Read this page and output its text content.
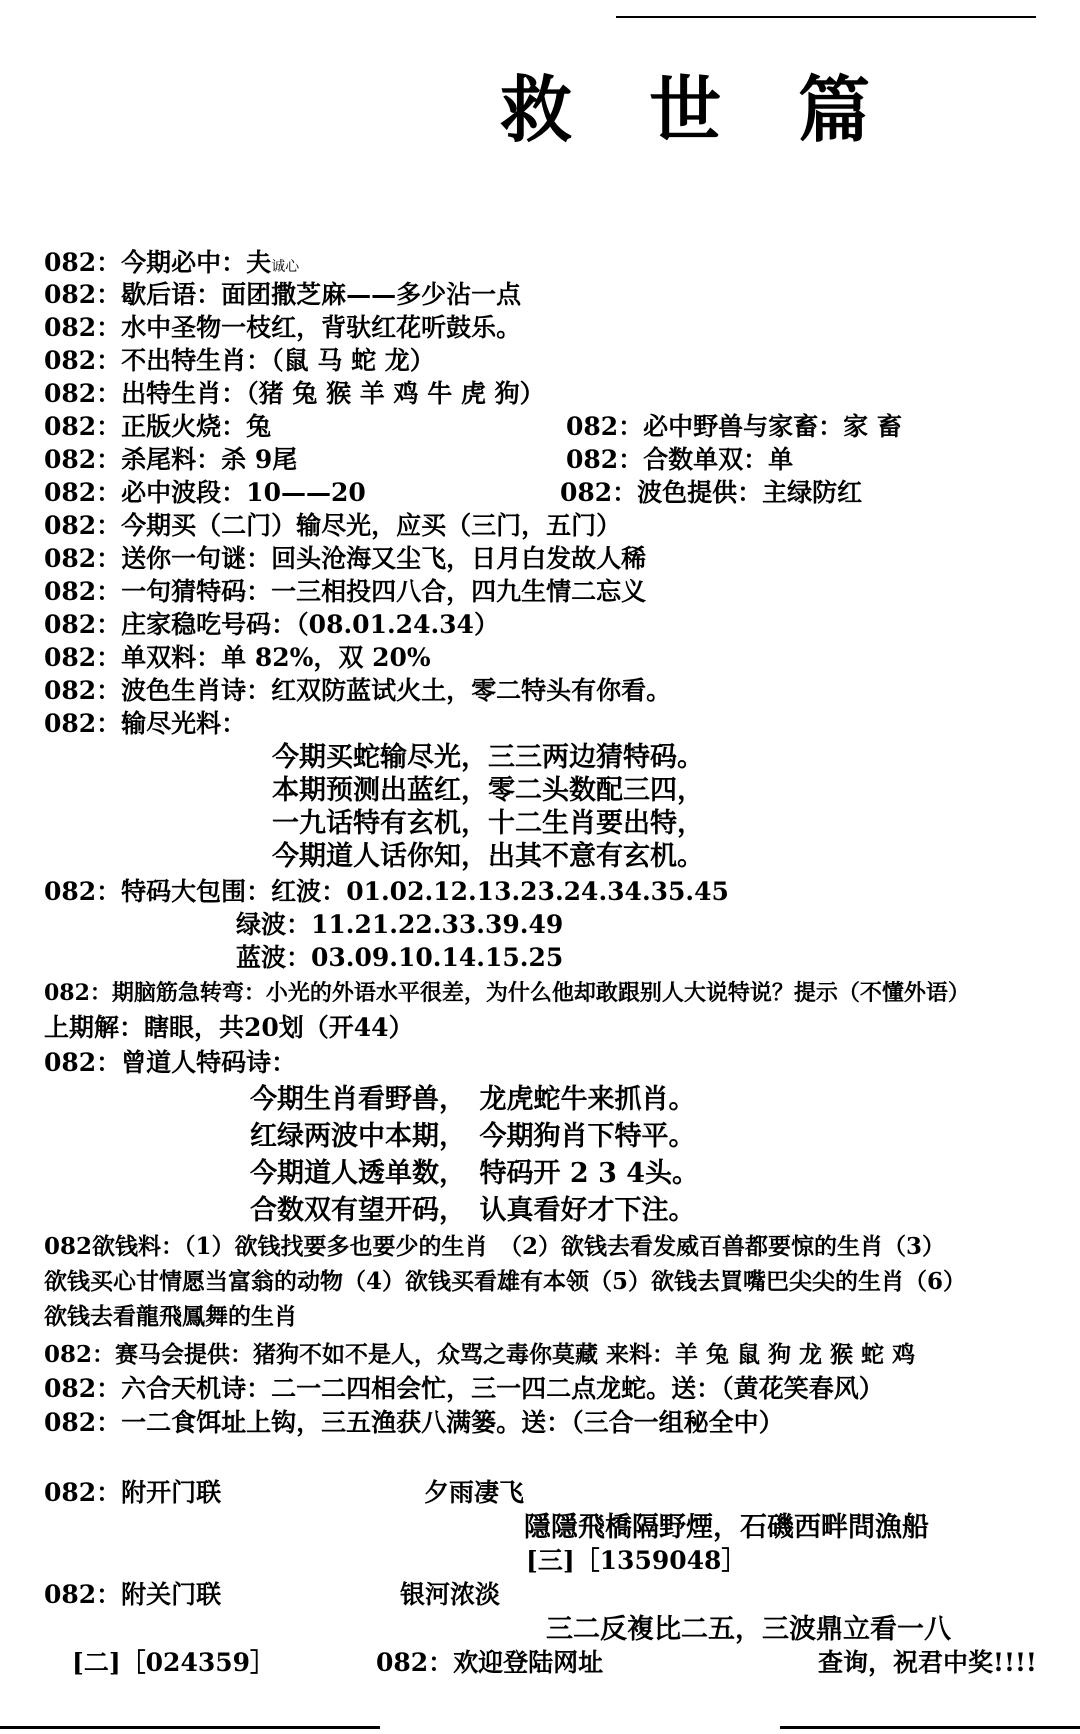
救 世 篇
082：今期必中：夫诚心
082：歇后语：面团撒芝麻——多少沾一点
082：水中圣物一枝红，背驮红花听鼓乐。
082：不出特生肖：（鼠 马 蛇 龙）
082：出特生肖：（猪 兔 猴 羊 鸡 牛 虎 狗）
082：正版火烧：兔	082：必中野兽与家畜：家 畜
082：杀尾料：杀 9尾	082：合数单双：单
082：必中波段：10——20	082：波色提供：主绿防红
082：今期买（二门）输尽光，应买（三门，五门）
082：送你一句谜：回头沧海又尘飞，日月白发故人稀
082：一句猜特码：一三相投四八合，四九生情二忘义
082：庄家稳吃号码：（08.01.24.34）
082：单双料：单 82%，双 20%
082：波色生肖诗：红双防蓝试火土，零二特头有你看。
082：输尽光料：
今期买蛇输尽光，三三两边猜特码。
本期预测出蓝红，零二头数配三四，
一九话特有玄机，十二生肖要出特，
今期道人话你知，出其不意有玄机。
082：特码大包围：红波：01.02.12.13.23.24.34.35.45
绿波：11.21.22.33.39.49
蓝波：03.09.10.14.15.25
082：期脑筋急转弯：小光的外语水平很差，为什么他却敢跟别人大说特说？提示（不懂外语）
上期解：瞎眼，共20划（开44）
082：曾道人特码诗：
今期生肖看野兽，　龙虎蛇牛来抓肖。
红绿两波中本期，　今期狗肖下特平。
今期道人透单数，　特码开 2 3 4头。
合数双有望开码，　认真看好才下注。
082欲钱料：（1）欲钱找要多也要少的生肖　（2）欲钱去看发威百兽都要惊的生肖（3）
欲钱买心甘情愿当富翁的动物（4）欲钱买看雄有本领（5）欲钱去買嘴巴尖尖的生肖（6）
欲钱去看龍飛鳳舞的生肖
082：赛马会提供：猪狗不如不是人，众骂之毒你莫藏 来料：羊 兔 鼠 狗 龙 猴 蛇 鸡
082：六合天机诗：二一二四相会忙，三一四二点龙蛇。送：（黄花笑春风）
082：一二食饵址上钩，三五渔获八满篓。送：（三合一组秘全中）
082：附开门联	夕雨凄飞
隱隱飛橋隔野煙，石磯西畔問漁船
[三]［1359048］
082：附关门联	银河浓淡
三二反複比二五，三波鼎立看一八
[二]［024359］	082：欢迎登陆网址	查询，祝君中奖!!!!
